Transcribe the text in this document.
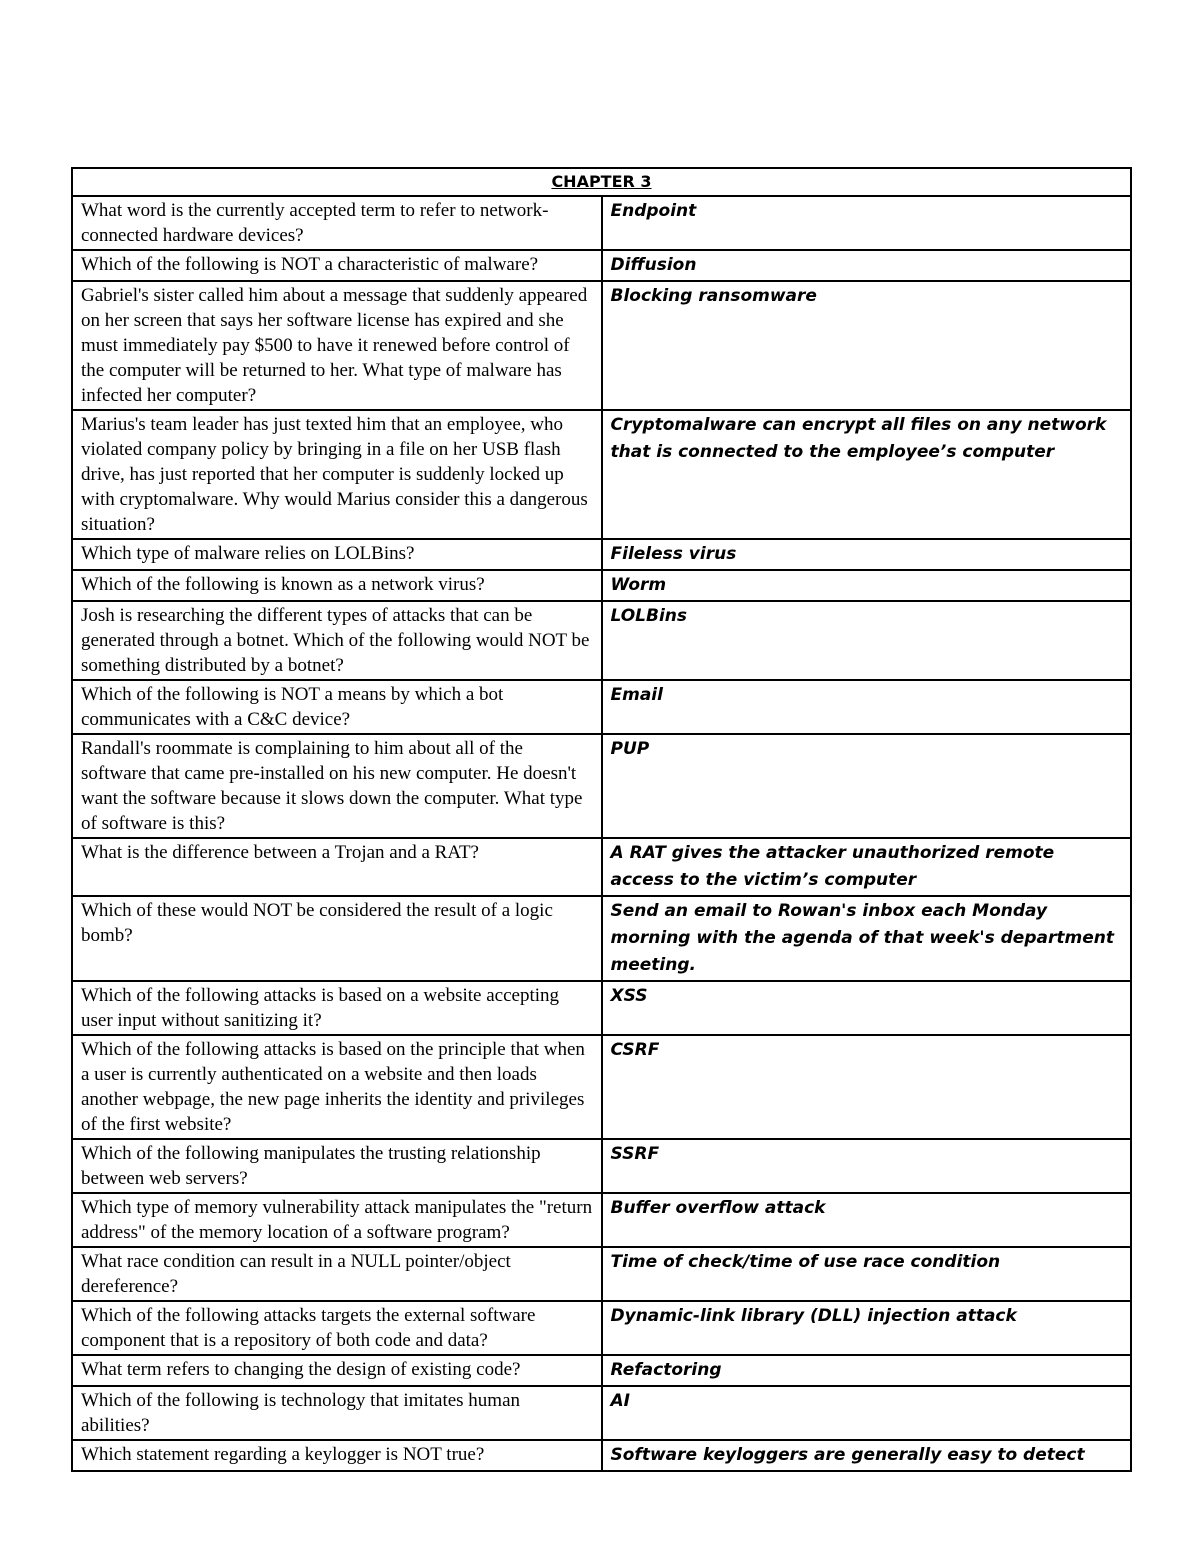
CHAPTER 3	
What word is the currently accepted term to refer to network-connected hardware devices?	Endpoint
Which of the following is NOT a characteristic of malware?	Diffusion
Gabriel's sister called him about a message that suddenly appeared on her screen that says her software license has expired and she must immediately pay $500 to have it renewed before control of the computer will be returned to her. What type of malware has infected her computer?	Blocking ransomware
Marius's team leader has just texted him that an employee, who violated company policy by bringing in a file on her USB flash drive, has just reported that her computer is suddenly locked up with cryptomalware. Why would Marius consider this a dangerous situation?	Cryptomalware can encrypt all files on any network that is connected to the employee’s computer
Which type of malware relies on LOLBins?	Fileless virus
Which of the following is known as a network virus?	Worm
Josh is researching the different types of attacks that can be generated through a botnet. Which of the following would NOT be something distributed by a botnet?	LOLBins
Which of the following is NOT a means by which a bot communicates with a C&C device?	Email
Randall's roommate is complaining to him about all of the software that came pre-installed on his new computer. He doesn't want the software because it slows down the computer. What type of software is this?	PUP
What is the difference between a Trojan and a RAT?	A RAT gives the attacker unauthorized remote access to the victim’s computer
Which of these would NOT be considered the result of a logic bomb?	Send an email to Rowan's inbox each Monday morning with the agenda of that week's department meeting.
Which of the following attacks is based on a website accepting user input without sanitizing it?	XSS
Which of the following attacks is based on the principle that when a user is currently authenticated on a website and then loads another webpage, the new page inherits the identity and privileges of the first website?	CSRF
Which of the following manipulates the trusting relationship between web servers?	SSRF
Which type of memory vulnerability attack manipulates the "return address" of the memory location of a software program?	Buffer overflow attack
What race condition can result in a NULL pointer/object dereference?	Time of check/time of use race condition
Which of the following attacks targets the external software component that is a repository of both code and data?	Dynamic-link library (DLL) injection attack
What term refers to changing the design of existing code?	Refactoring
Which of the following is technology that imitates human abilities?	AI
Which statement regarding a keylogger is NOT true?	Software keyloggers are generally easy to detect
